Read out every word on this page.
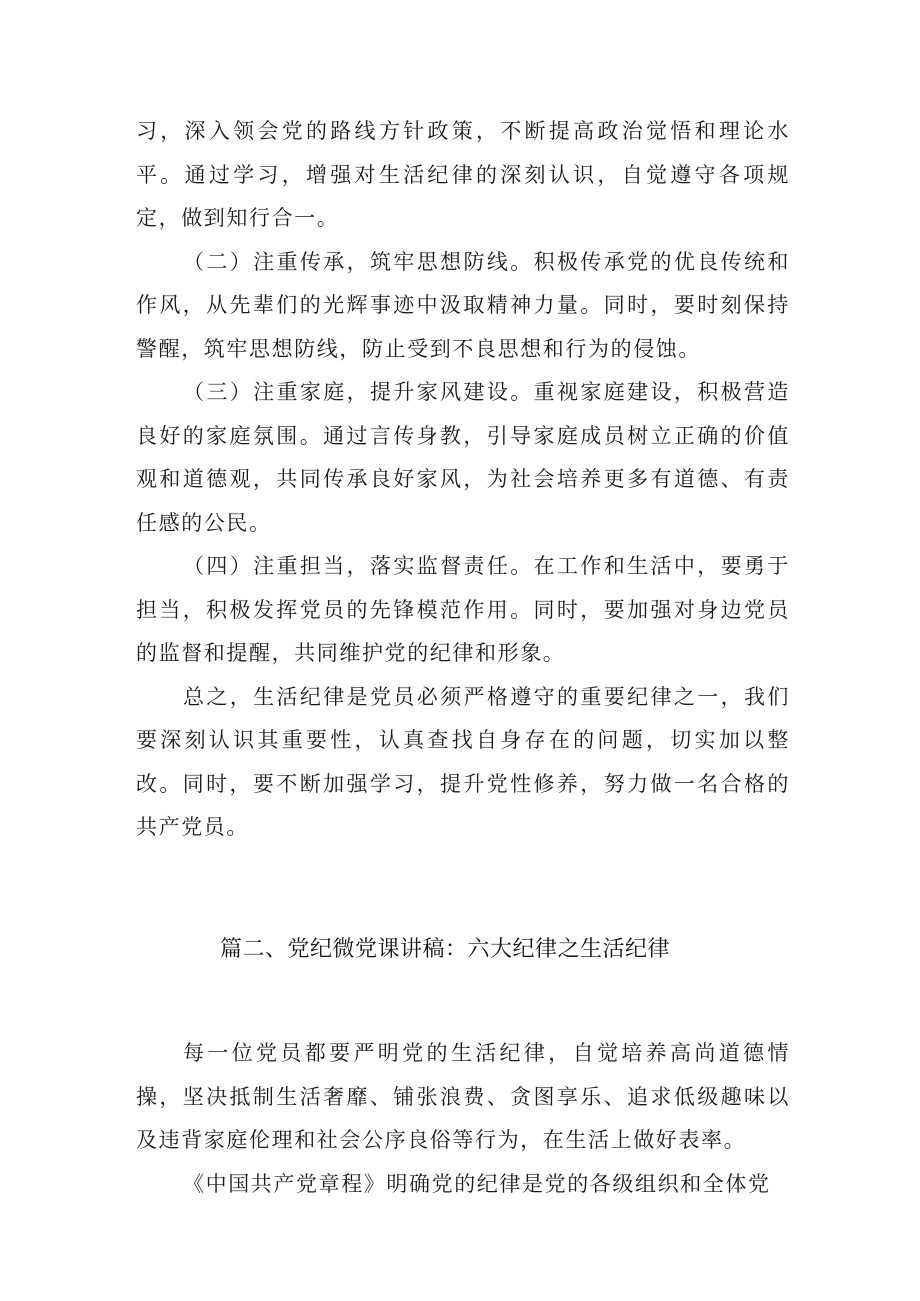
习，深入领会党的路线方针政策，不断提高政治觉悟和理论水平。通过学习，增强对生活纪律的深刻认识，自觉遵守各项规定，做到知行合一。

（二）注重传承，筑牢思想防线。积极传承党的优良传统和作风，从先辈们的光辉事迹中汲取精神力量。同时，要时刻保持警醒，筑牢思想防线，防止受到不良思想和行为的侵蚀。

（三）注重家庭，提升家风建设。重视家庭建设，积极营造良好的家庭氛围。通过言传身教，引导家庭成员树立正确的价值观和道德观，共同传承良好家风，为社会培养更多有道德、有责任感的公民。

（四）注重担当，落实监督责任。在工作和生活中，要勇于担当，积极发挥党员的先锋模范作用。同时，要加强对身边党员的监督和提醒，共同维护党的纪律和形象。

总之，生活纪律是党员必须严格遵守的重要纪律之一，我们要深刻认识其重要性，认真查找自身存在的问题，切实加以整改。同时，要不断加强学习，提升党性修养，努力做一名合格的共产党员。

篇二、党纪微党课讲稿：六大纪律之生活纪律

每一位党员都要严明党的生活纪律，自觉培养高尚道德情操，坚决抵制生活奢靡、铺张浪费、贪图享乐、追求低级趣味以及违背家庭伦理和社会公序良俗等行为，在生活上做好表率。

《中国共产党章程》明确党的纪律是党的各级组织和全体党
